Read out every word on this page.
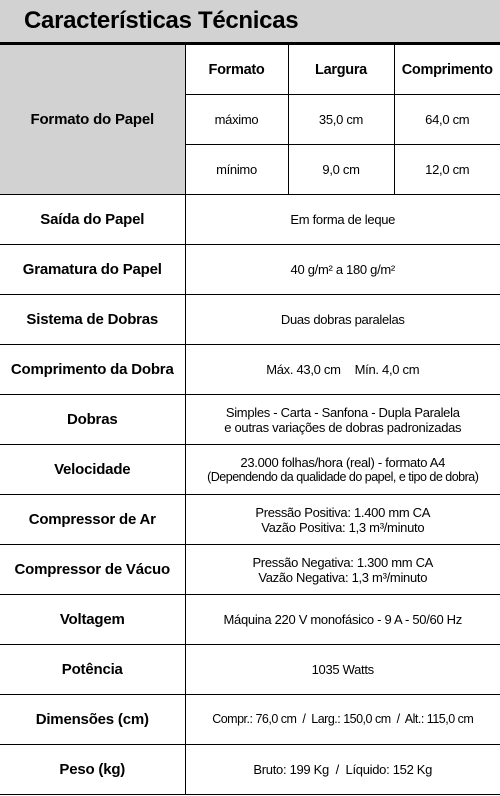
Características Técnicas
Formato do Papel	Formato	Largura	Comprimento
	máximo	35,0 cm	64,0 cm
	mínimo	9,0 cm	12,0 cm
Saída do Papel	Em forma de leque		

Gramatura do Papel	40 g/m² a 180 g/m²		

Sistema de Dobras	Duas dobras paralelas		

Comprimento da Dobra	Máx. 43,0 cm Mín. 4,0 cm		
Dobras	Simples - Carta - Sanfona - Dupla Paralela
e outras variações de dobras padronizadas		

Velocidade	23.000 folhas/hora (real) - formato A4
(Dependendo da qualidade do papel, e tipo de dobra)		

Compressor de Ar	Pressão Positiva: 1.400 mm CA
Vazão Positiva: 1,3 m³/minuto		

Compressor de Vácuo	Pressão Negativa: 1.300 mm CA
Vazão Negativa: 1,3 m³/minuto		

Voltagem	Máquina 220 V monofásico - 9 A - 50/60 Hz		

Potência	1035 Watts		

Dimensões (cm)	Compr.: 76,0 cm  /  Larg.: 150,0 cm  /  Alt.: 115,0 cm		

Peso (kg)	Bruto: 199 Kg  /  Líquido: 152 Kg		
